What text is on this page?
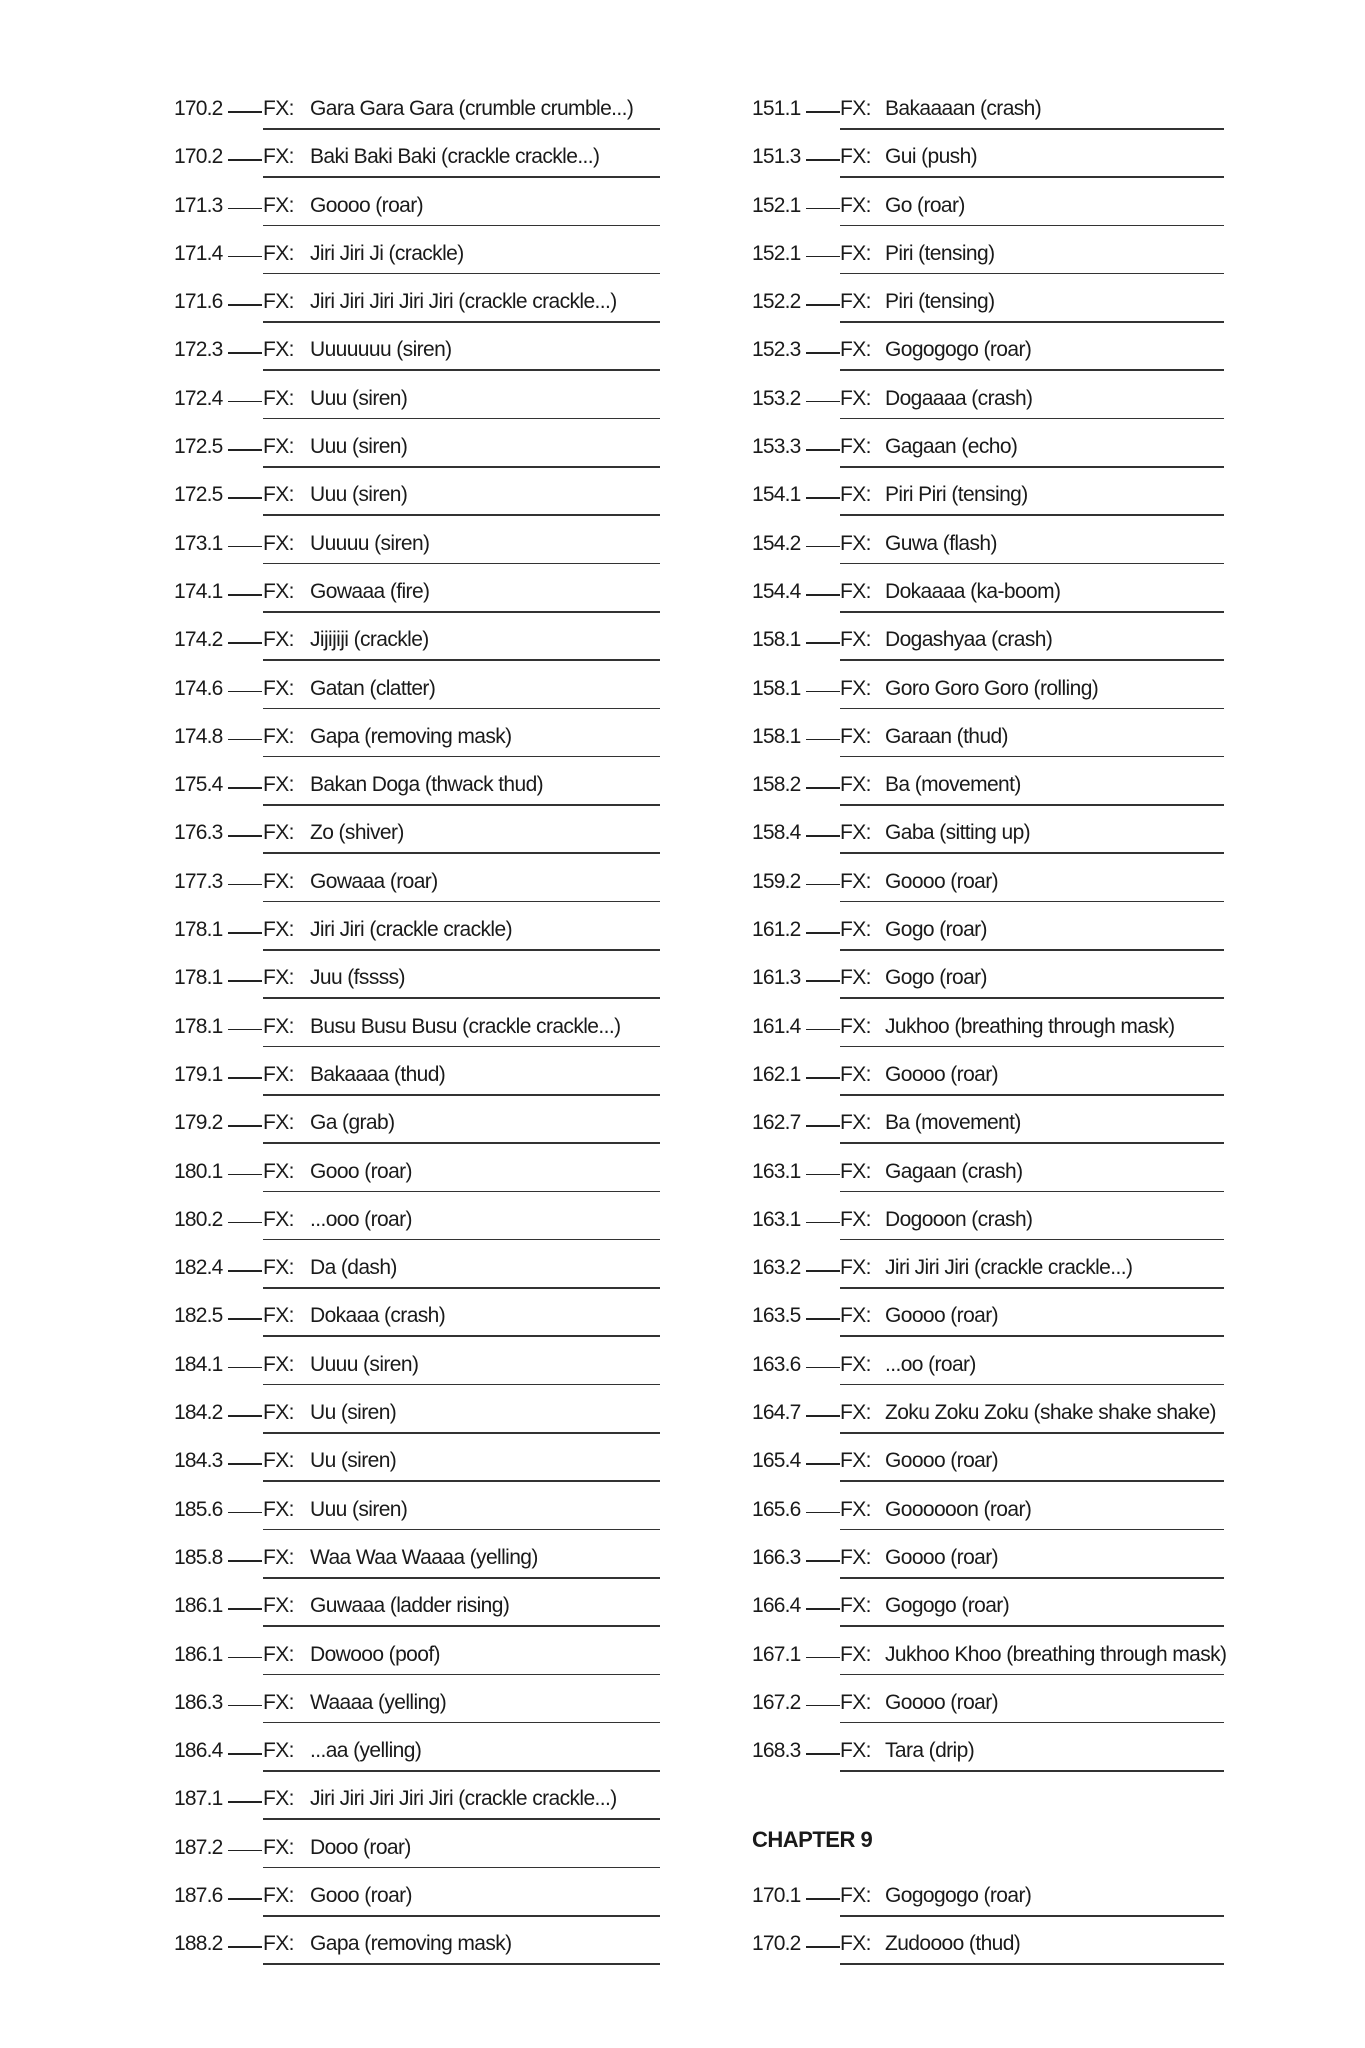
170.2 FX: Gara Gara Gara (crumble crumble...)
170.2 FX: Baki Baki Baki (crackle crackle...)
171.3 FX: Goooo (roar)
171.4 FX: Jiri Jiri Ji (crackle)
171.6 FX: Jiri Jiri Jiri Jiri Jiri (crackle crackle...)
172.3 FX: Uuuuuuu (siren)
172.4 FX: Uuu (siren)
172.5 FX: Uuu (siren)
172.5 FX: Uuu (siren)
173.1 FX: Uuuuu (siren)
174.1 FX: Gowaaa (fire)
174.2 FX: Jijijiji (crackle)
174.6 FX: Gatan (clatter)
174.8 FX: Gapa (removing mask)
175.4 FX: Bakan Doga (thwack thud)
176.3 FX: Zo (shiver)
177.3 FX: Gowaaa (roar)
178.1 FX: Jiri Jiri (crackle crackle)
178.1 FX: Juu (fssss)
178.1 FX: Busu Busu Busu (crackle crackle...)
179.1 FX: Bakaaaa (thud)
179.2 FX: Ga (grab)
180.1 FX: Gooo (roar)
180.2 FX: ...ooo (roar)
182.4 FX: Da (dash)
182.5 FX: Dokaaa (crash)
184.1 FX: Uuuu (siren)
184.2 FX: Uu (siren)
184.3 FX: Uu (siren)
185.6 FX: Uuu (siren)
185.8 FX: Waa Waa Waaaa (yelling)
186.1 FX: Guwaaa (ladder rising)
186.1 FX: Dowooo (poof)
186.3 FX: Waaaa (yelling)
186.4 FX: ...aa (yelling)
187.1 FX: Jiri Jiri Jiri Jiri Jiri (crackle crackle...)
187.2 FX: Dooo (roar)
187.6 FX: Gooo (roar)
188.2 FX: Gapa (removing mask)
151.1 FX: Bakaaaan (crash)
151.3 FX: Gui (push)
152.1 FX: Go (roar)
152.1 FX: Piri (tensing)
152.2 FX: Piri (tensing)
152.3 FX: Gogogogo (roar)
153.2 FX: Dogaaaa (crash)
153.3 FX: Gagaan (echo)
154.1 FX: Piri Piri (tensing)
154.2 FX: Guwa (flash)
154.4 FX: Dokaaaa (ka-boom)
158.1 FX: Dogashyaa (crash)
158.1 FX: Goro Goro Goro (rolling)
158.1 FX: Garaan (thud)
158.2 FX: Ba (movement)
158.4 FX: Gaba (sitting up)
159.2 FX: Goooo (roar)
161.2 FX: Gogo (roar)
161.3 FX: Gogo (roar)
161.4 FX: Jukhoo (breathing through mask)
162.1 FX: Goooo (roar)
162.7 FX: Ba (movement)
163.1 FX: Gagaan (crash)
163.1 FX: Dogooon (crash)
163.2 FX: Jiri Jiri Jiri (crackle crackle...)
163.5 FX: Goooo (roar)
163.6 FX: ...oo (roar)
164.7 FX: Zoku Zoku Zoku (shake shake shake)
165.4 FX: Goooo (roar)
165.6 FX: Goooooon (roar)
166.3 FX: Goooo (roar)
166.4 FX: Gogogo (roar)
167.1 FX: Jukhoo Khoo (breathing through mask)
167.2 FX: Goooo (roar)
168.3 FX: Tara (drip)
CHAPTER 9
170.1 FX: Gogogogo (roar)
170.2 FX: Zudoooo (thud)
